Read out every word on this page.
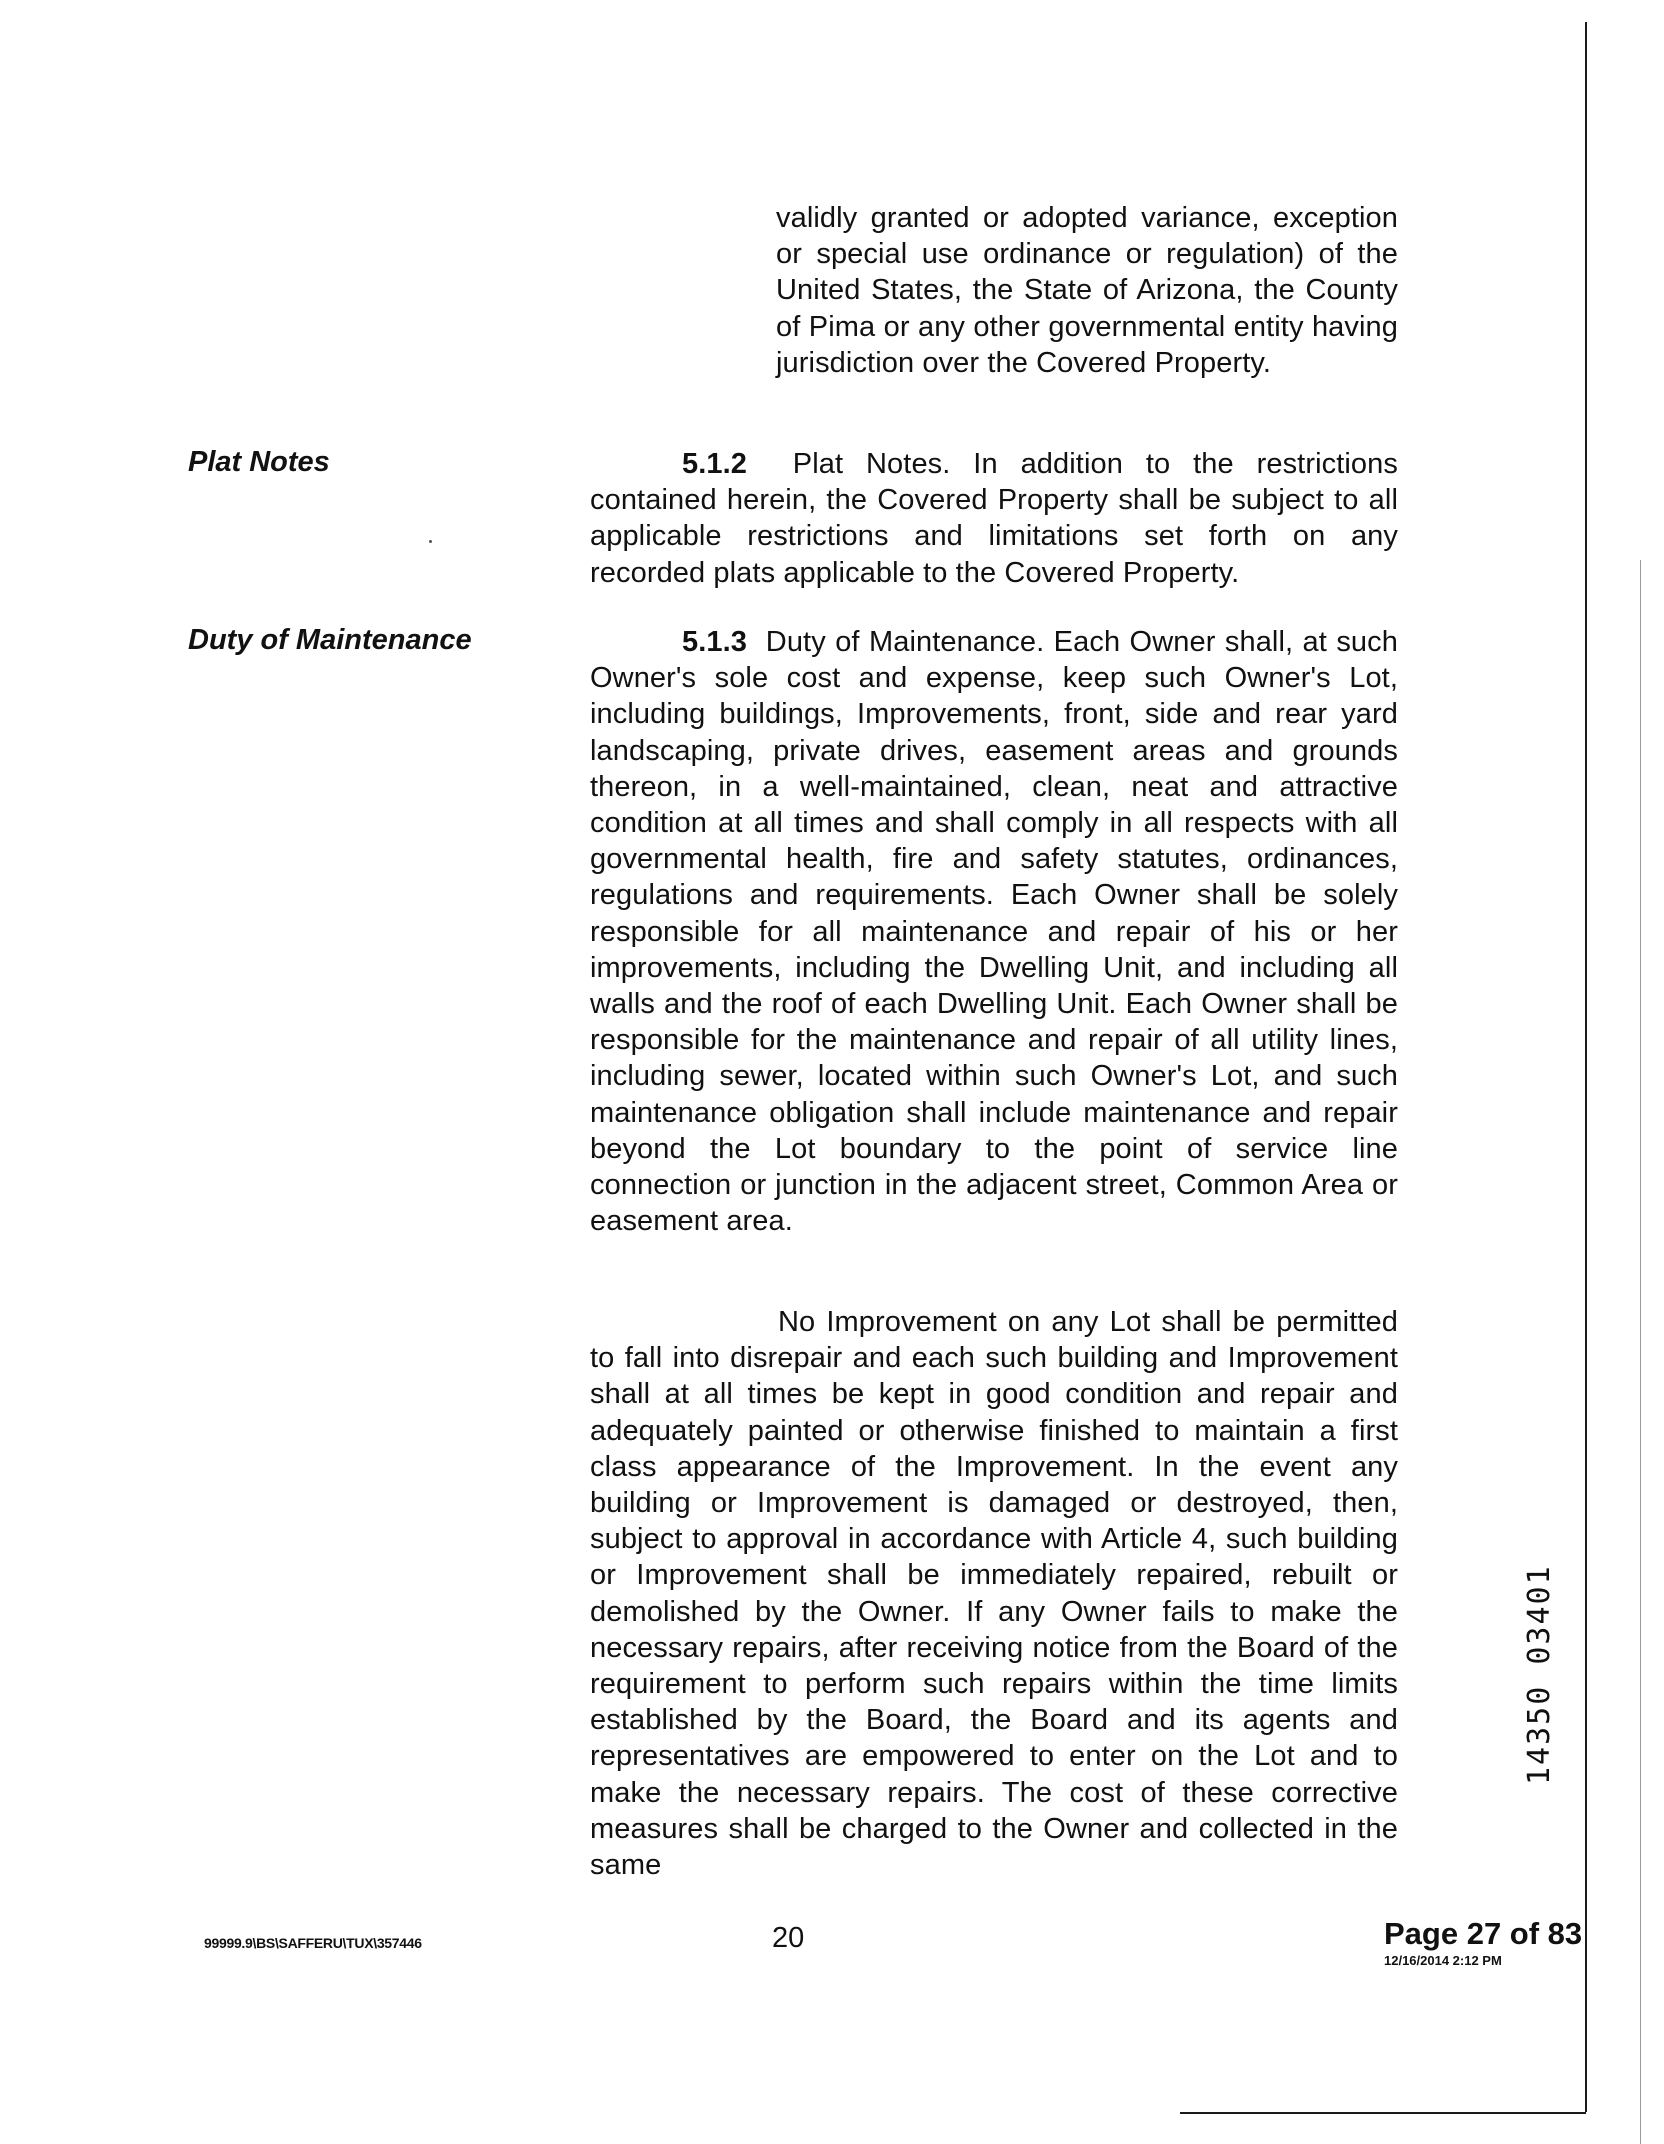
validly granted or adopted variance, exception or special use ordinance or regulation) of the United States, the State of Arizona, the County of Pima or any other governmental entity having jurisdiction over the Covered Property.
Plat Notes	5.1.2 Plat Notes. In addition to the restrictions contained herein, the Covered Property shall be subject to all applicable restrictions and limitations set forth on any recorded plats applicable to the Covered Property.
Duty of Maintenance	5.1.3 Duty of Maintenance. Each Owner shall, at such Owner's sole cost and expense, keep such Owner's Lot, including buildings, Improvements, front, side and rear yard landscaping, private drives, easement areas and grounds thereon, in a well-maintained, clean, neat and attractive condition at all times and shall comply in all respects with all governmental health, fire and safety statutes, ordinances, regulations and requirements. Each Owner shall be solely responsible for all maintenance and repair of his or her improvements, including the Dwelling Unit, and including all walls and the roof of each Dwelling Unit. Each Owner shall be responsible for the maintenance and repair of all utility lines, including sewer, located within such Owner's Lot, and such maintenance obligation shall include maintenance and repair beyond the Lot boundary to the point of service line connection or junction in the adjacent street, Common Area or easement area.
No Improvement on any Lot shall be permitted to fall into disrepair and each such building and Improvement shall at all times be kept in good condition and repair and adequately painted or otherwise finished to maintain a first class appearance of the Improvement. In the event any building or Improvement is damaged or destroyed, then, subject to approval in accordance with Article 4, such building or Improvement shall be immediately repaired, rebuilt or demolished by the Owner. If any Owner fails to make the necessary repairs, after receiving notice from the Board of the requirement to perform such repairs within the time limits established by the Board, the Board and its agents and representatives are empowered to enter on the Lot and to make the necessary repairs. The cost of these corrective measures shall be charged to the Owner and collected in the same
99999.9\BS\SAFFERU\TUX\357446	20	Page 27 of 83
12/16/2014 2:12 PM
14350 03401
